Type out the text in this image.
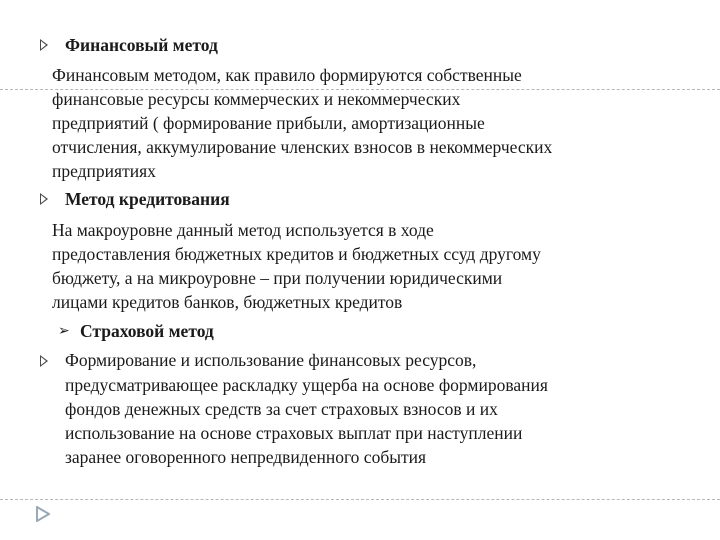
Финансовый метод
Финансовым методом, как правило формируются собственные
финансовые ресурсы коммерческих и некоммерческих
предприятий ( формирование прибыли, амортизационные
отчисления, аккумулирование членских взносов в некоммерческих
предприятиях
Метод кредитования
На макроуровне данный метод используется в ходе
предоставления бюджетных кредитов и бюджетных ссуд другому
бюджету, а на микроуровне – при получении юридическими
лицами кредитов банков, бюджетных кредитов
➢ Страховой метод
Формирование и использование финансовых ресурсов,
предусматривающее раскладку ущерба на основе формирования
фондов денежных средств за счет страховых взносов и их
использование на основе страховых выплат при наступлении
заранее оговоренного непредвиденного события
